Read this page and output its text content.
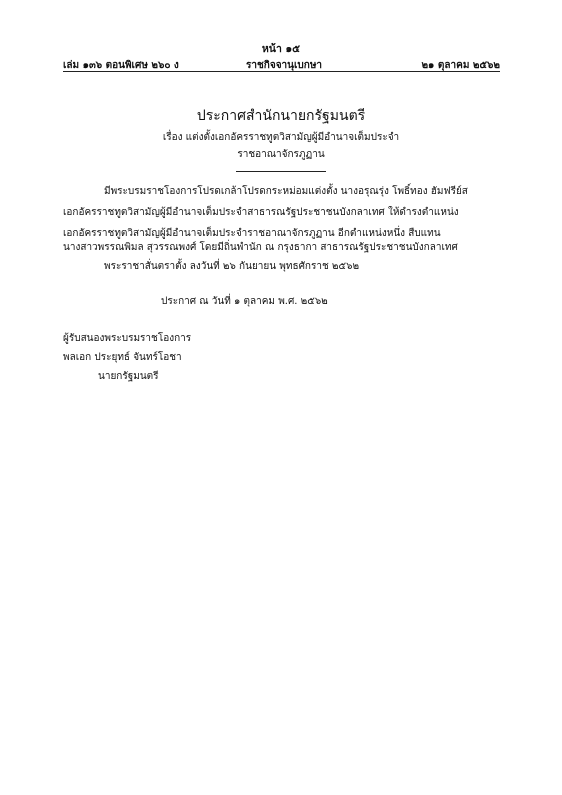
หน้า ๑๕
เล่ม ๑๓๖ ตอนพิเศษ ๒๖๐ ง	ราชกิจจานุเบกษา	๒๑ ตุลาคม ๒๕๖๒
ประกาศสำนักนายกรัฐมนตรี
เรื่อง แต่งตั้งเอกอัครราชทูตวิสามัญผู้มีอำนาจเต็มประจำ
ราชอาณาจักรภูฏาน
มีพระบรมราชโองการโปรดเกล้าโปรดกระหม่อมแต่งตั้ง นางอรุณรุ่ง โพธิ์ทอง ฮัมฟรีย์ส
เอกอัครราชทูตวิสามัญผู้มีอำนาจเต็มประจำสาธารณรัฐประชาชนบังกลาเทศ ให้ดำรงตำแหน่ง
เอกอัครราชทูตวิสามัญผู้มีอำนาจเต็มประจำราชอาณาจักรภูฏาน อีกตำแหน่งหนึ่ง สืบแทน
นางสาวพรรณพิมล สุวรรณพงศ์ โดยมีถิ่นพำนัก ณ กรุงธากา สาธารณรัฐประชาชนบังกลาเทศ
พระราชาสั่นตราตั้ง ลงวันที่ ๒๖ กันยายน พุทธศักราช ๒๕๖๒
ประกาศ ณ วันที่ ๑ ตุลาคม พ.ศ. ๒๕๖๒
ผู้รับสนองพระบรมราชโองการ
พลเอก ประยุทธ์ จันทร์โอชา
นายกรัฐมนตรี
